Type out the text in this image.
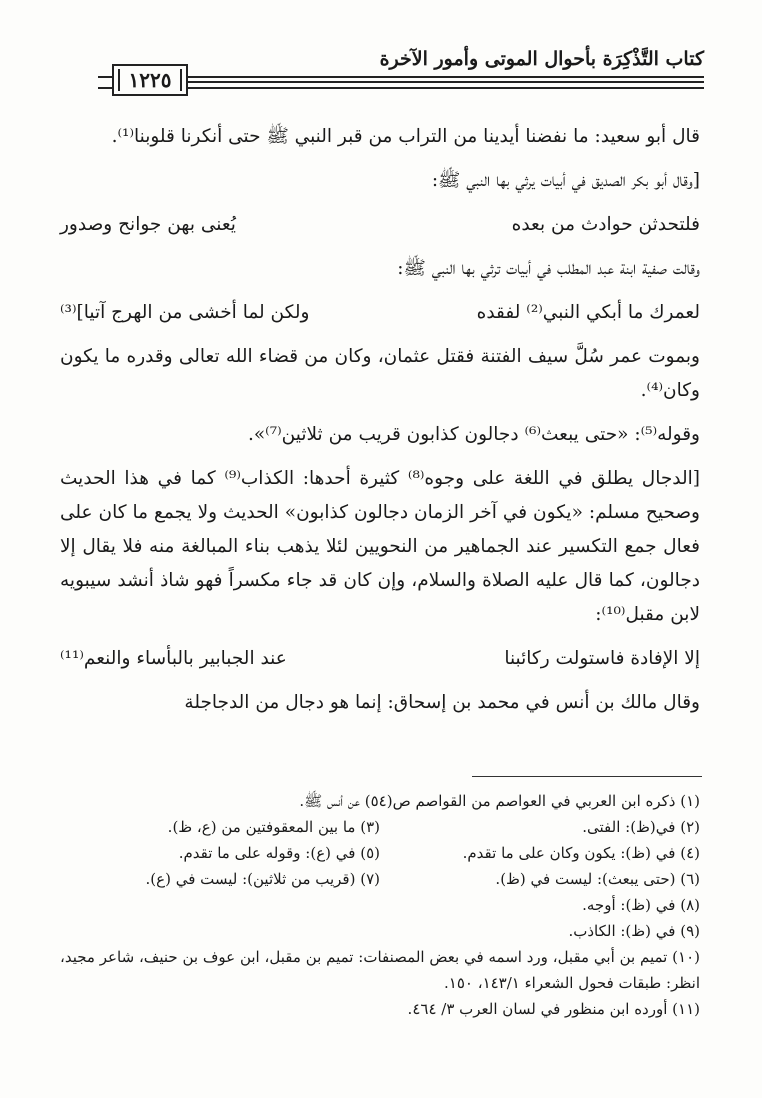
كتاب التَّذْكِرَة بأحوال الموتى وأمور الآخرة
١٢٢٥

قال أبو سعيد: ما نفضنا أيدينا من التراب من قبر النبي ﷺ حتى أنكرنا قلوبنا⁽¹⁾.

[وقال أبو بكر الصديق في أبيات يرثي بها النبي ﷺ:

فلتحدثن حوادث من بعده
يُعنى بهن جوانح وصدور

وقالت صفية ابنة عبد المطلب في أبيات ترثي بها النبي ﷺ:

لعمرك ما أبكي النبي⁽²⁾ لفقده
ولكن لما أخشى من الهرج آتيا]⁽³⁾

وبموت عمر سُلَّ سيف الفتنة فقتل عثمان، وكان من قضاء الله تعالى وقدره ما يكون وكان⁽⁴⁾.

وقوله⁽⁵⁾: «حتى يبعث⁽⁶⁾ دجالون كذابون قريب من ثلاثين⁽⁷⁾».

[الدجال يطلق في اللغة على وجوه⁽⁸⁾ كثيرة أحدها: الكذاب⁽⁹⁾ كما في هذا الحديث وصحيح مسلم: «يكون في آخر الزمان دجالون كذابون» الحديث ولا يجمع ما كان على فعال جمع التكسير عند الجماهير من النحويين لئلا يذهب بناء المبالغة منه فلا يقال إلا دجالون، كما قال عليه الصلاة والسلام، وإن كان قد جاء مكسراً فهو شاذ أنشد سيبويه لابن مقبل⁽¹⁰⁾:

إلا الإفادة فاستولت ركائبنا
عند الجبابير بالبأساء والنعم⁽¹¹⁾

وقال مالك بن أنس في محمد بن إسحاق: إنما هو دجال من الدجاجلة

(١) ذكره ابن العربي في العواصم من القواصم ص(٥٤) عن أنس ﷺ.
(٢) في(ظ): الفتى.
(٣) ما بين المعقوفتين من (ع، ظ).
(٤) في (ظ): يكون وكان على ما تقدم.
(٥) في (ع): وقوله على ما تقدم.
(٦) (حتى يبعث): ليست في (ظ).
(٧) (قريب من ثلاثين): ليست في (ع).
(٨) في (ظ): أوجه.
(٩) في (ظ): الكاذب.
(١٠) تميم بن أبي مقبل، ورد اسمه في بعض المصنفات: تميم بن مقبل، ابن عوف بن حنيف، شاعر مجيد، انظر: طبقات فحول الشعراء ١٤٣/١، ١٥٠.
(١١) أورده ابن منظور في لسان العرب ٣/ ٤٦٤.
